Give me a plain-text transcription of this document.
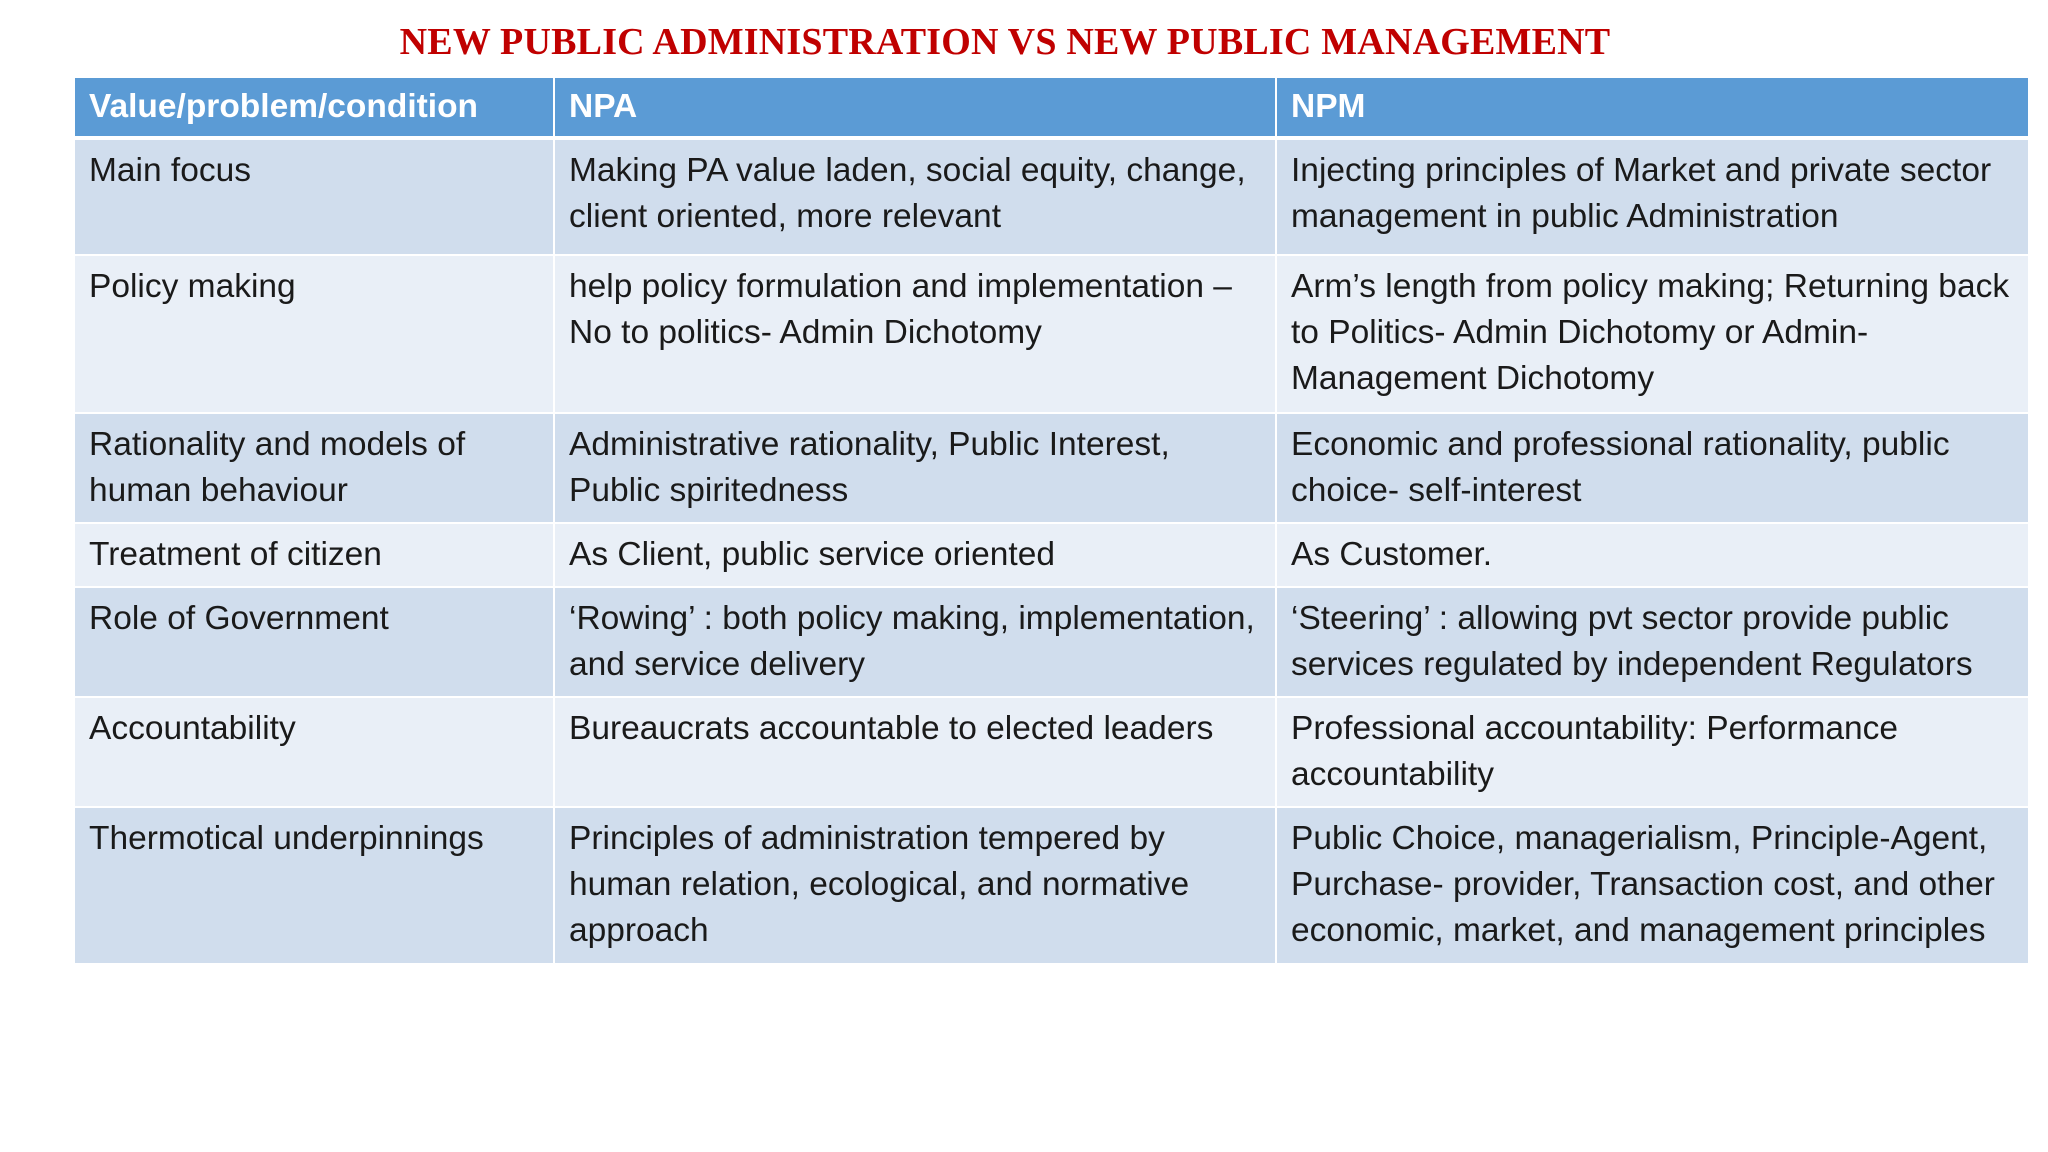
NEW PUBLIC ADMINISTRATION VS NEW PUBLIC MANAGEMENT
Value/problem/condition	NPA	NPM
Main focus	Making PA value laden, social equity, change, client oriented, more relevant	Injecting principles of Market and private sector management in public Administration
Policy making	help policy formulation and implementation – No to politics- Admin Dichotomy	Arm’s length from policy making; Returning back to Politics- Admin Dichotomy or Admin-Management Dichotomy
Rationality and models of human behaviour	Administrative rationality, Public Interest, Public spiritedness	Economic and professional rationality, public choice- self-interest
Treatment of citizen	As Client, public service oriented	As Customer.
Role of Government	‘Rowing’ : both policy making, implementation, and service delivery	‘Steering’ : allowing pvt sector provide public services regulated by independent Regulators
Accountability	Bureaucrats accountable to elected leaders	Professional accountability: Performance accountability
Thermotical underpinnings	Principles of administration tempered by human relation, ecological, and normative approach	Public Choice, managerialism, Principle-Agent, Purchase- provider, Transaction cost, and other economic, market, and management principles
